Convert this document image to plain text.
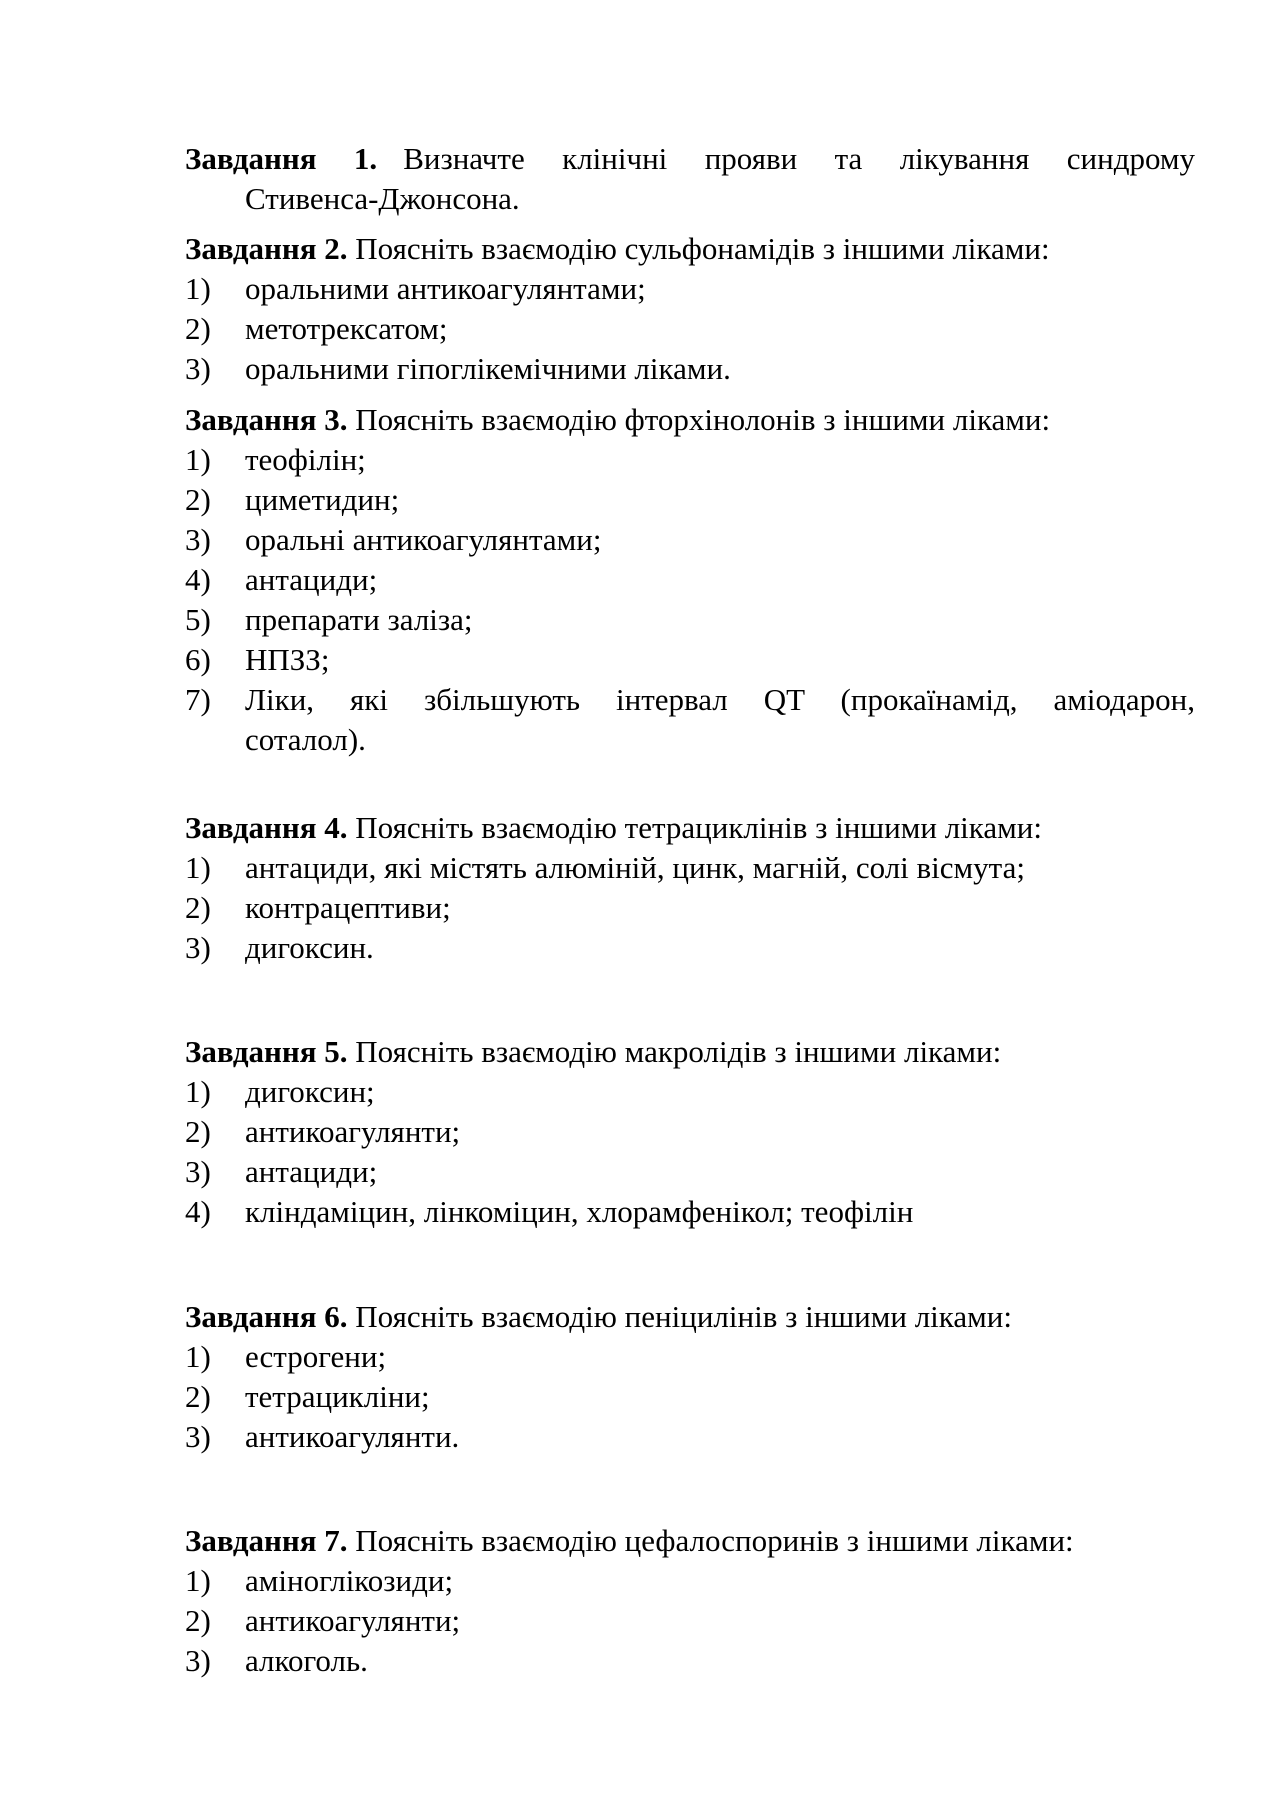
Завдання 1. Визначте клінічні прояви та лікування синдрому

Стивенса-Джонсона.

Завдання 2. Поясніть взаємодію сульфонамідів з іншими ліками:

1) оральними антикоагулянтами;
2) метотрексатом;
3) оральними гіпоглікемічними ліками.

Завдання 3. Поясніть взаємодію фторхінолонів з іншими ліками:

1) теофілін;
2) циметидин;
3) оральні антикоагулянтами;
4) антациди;
5) препарати заліза;
6) НПЗЗ;
7) Ліки, які збільшують інтервал QT (прокаїнамід, аміодарон,
соталол).

Завдання 4. Поясніть взаємодію тетрациклінів з іншими ліками:

1) антациди, які містять алюміній, цинк, магній, солі вісмута;
2) контрацептиви;
3) дигоксин.

Завдання 5. Поясніть взаємодію макролідів з іншими ліками:

1) дигоксин;
2) антикоагулянти;
3) антациди;
4) кліндаміцин, лінкоміцин, хлорамфенікол; теофілін

Завдання 6. Поясніть взаємодію пеніцилінів з іншими ліками:

1) естрогени;
2) тетрацикліни;
3) антикоагулянти.

Завдання 7. Поясніть взаємодію цефалоспоринів з іншими ліками:

1) аміноглікозиди;
2) антикоагулянти;
3) алкоголь.
